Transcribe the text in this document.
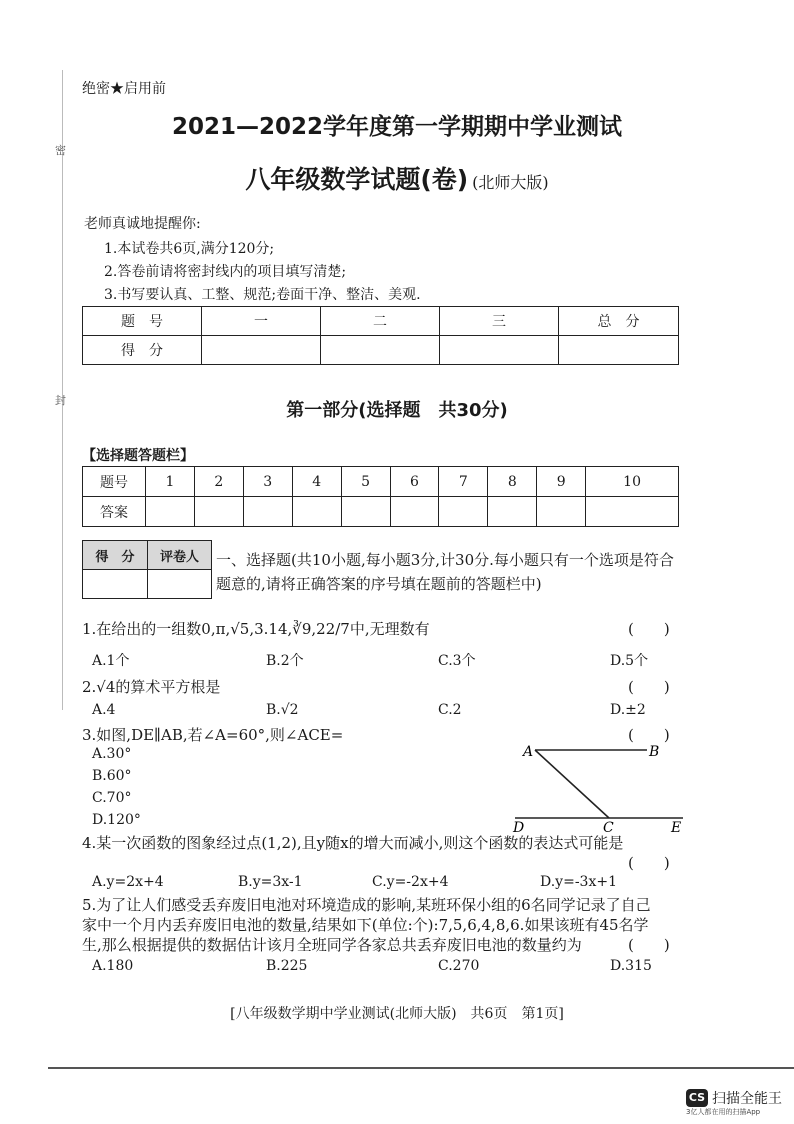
密
封
绝密★启用前
2021—2022学年度第一学期期中学业测试
八年级数学试题(卷) (北师大版)
老师真诚地提醒你:
1.本试卷共6页,满分120分;
2.答卷前请将密封线内的项目填写清楚;
3.书写要认真、工整、规范;卷面干净、整洁、美观.
题　号	一	二	三	总　分
得　分				
第一部分(选择题　共30分)
【选择题答题栏】
题号	1	2	3	4	5	6	7	8	9	10
答案										
得　分	评卷人
	一、选择题(共10小题,每小题3分,计30分.每小题只有一个选项是符合题意的,请将正确答案的序号填在题前的答题栏中)
1.在给出的一组数0,π,√5,3.14,∛9,22/7中,无理数有	(　　)
A.1个	B.2个	C.3个	D.5个
2.√4的算术平方根是	(　　)
A.4	B.√2	C.2	D.±2
3.如图,DE∥AB,若∠A=60°,则∠ACE=	(　　)
A.30°
B.60°
C.70°
D.120°
A	B
C
D	E
4.某一次函数的图象经过点(1,2),且y随x的增大而减小,则这个函数的表达式可能是
(　　)
A.y=2x+4	B.y=3x-1	C.y=-2x+4	D.y=-3x+1
5.为了让人们感受丢弃废旧电池对环境造成的影响,某班环保小组的6名同学记录了自己
家中一个月内丢弃废旧电池的数量,结果如下(单位:个):7,5,6,4,8,6.如果该班有45名学
生,那么根据提供的数据估计该月全班同学各家总共丢弃废旧电池的数量约为	(　　)
A.180	B.225	C.270	D.315
[八年级数学期中学业测试(北师大版)　共6页　第1页]
CS 扫描全能王
3亿人都在用的扫描App
